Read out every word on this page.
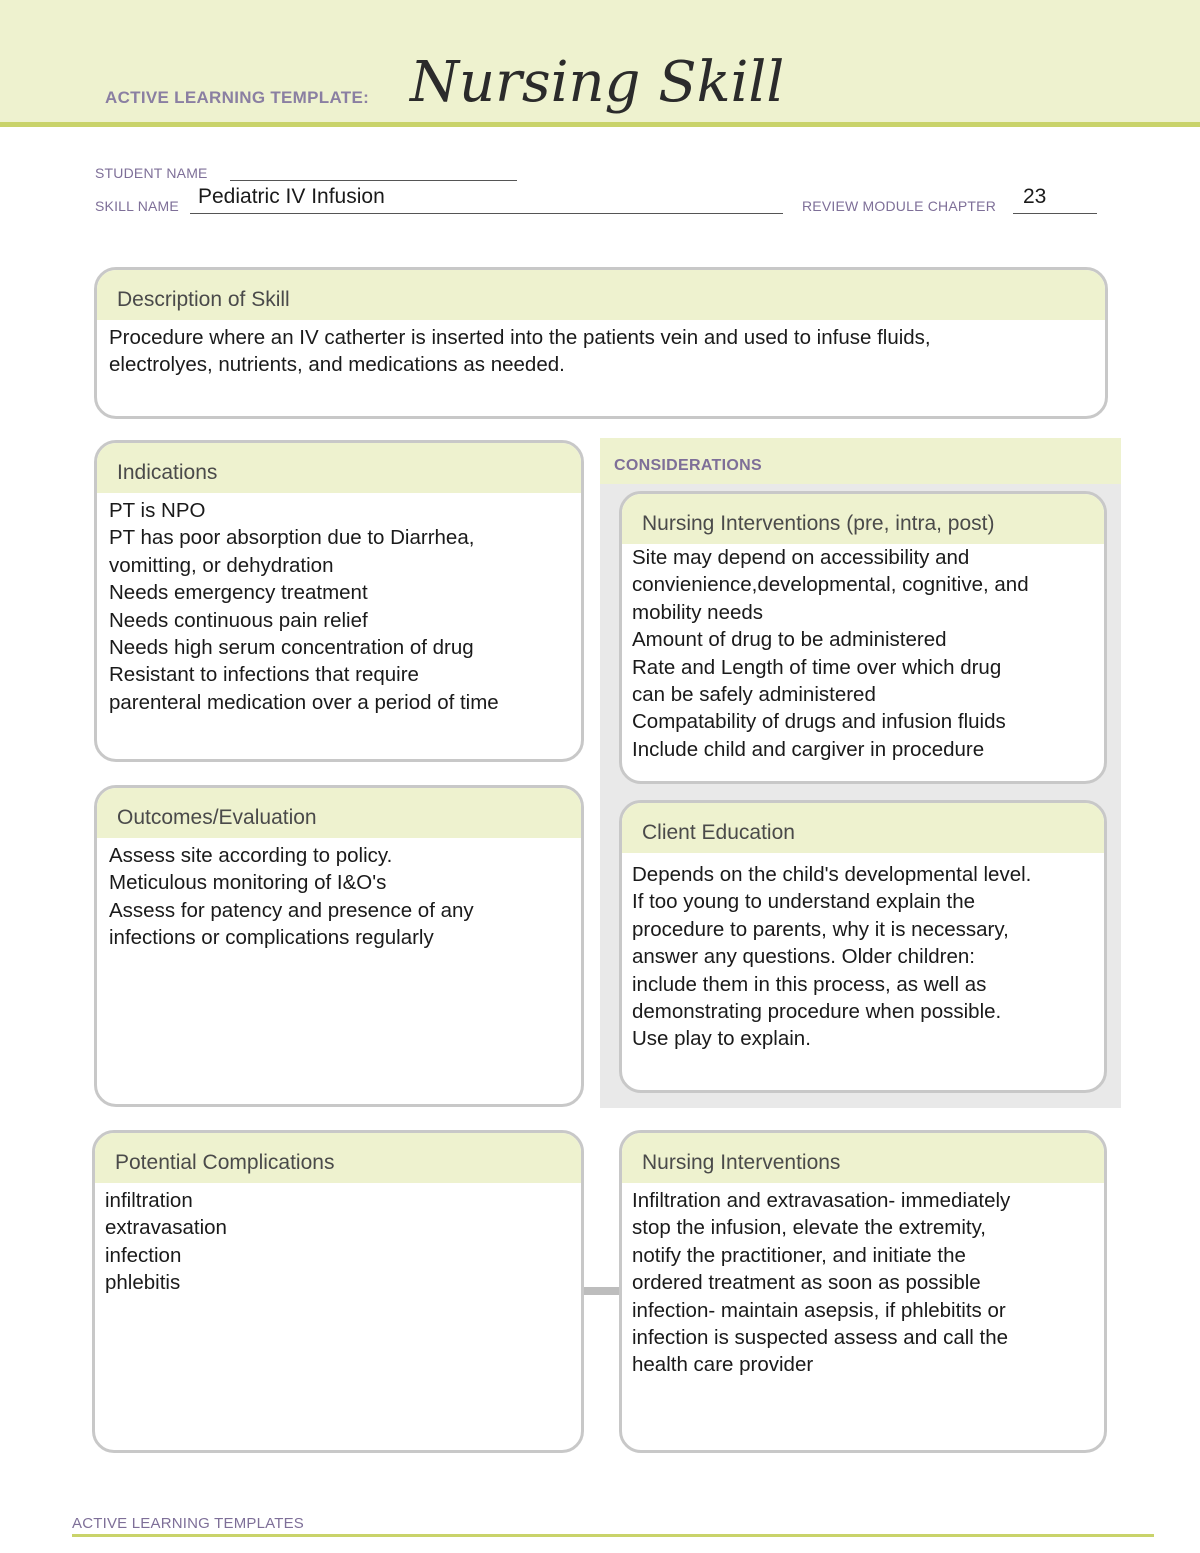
ACTIVE LEARNING TEMPLATE: Nursing Skill
STUDENT NAME
SKILL NAME Pediatric IV Infusion	REVIEW MODULE CHAPTER 23
Description of Skill
Procedure where an IV catherter is inserted into the patients vein and used to infuse fluids,
electrolyes, nutrients, and medications as needed.
Indications
PT is NPO
PT has poor absorption due to Diarrhea,
vomitting, or dehydration
Needs emergency treatment
Needs continuous pain relief
Needs high serum concentration of drug
Resistant to infections that require
parenteral medication over a period of time
CONSIDERATIONS
Nursing Interventions (pre, intra, post)
Site may depend on accessibility and
convienience,developmental, cognitive, and
mobility needs
Amount of drug to be administered
Rate and Length of time over which drug
can be safely administered
Compatability of drugs and infusion fluids
Include child and cargiver in procedure
Outcomes/Evaluation
Assess site according to policy.
Meticulous monitoring of I&O's
Assess for patency and presence of any
infections or complications regularly
Client Education
Depends on the child's developmental level.
If too young to understand explain the
procedure to parents, why it is necessary,
answer any questions. Older children:
include them in this process, as well as
demonstrating procedure when possible.
Use play to explain.
Potential Complications
infiltration
extravasation
infection
phlebitis
Nursing Interventions
Infiltration and extravasation- immediately
stop the infusion, elevate the extremity,
notify the practitioner, and initiate the
ordered treatment as soon as possible
infection- maintain asepsis, if phlebitits or
infection is suspected assess and call the
health care provider
ACTIVE LEARNING TEMPLATES
